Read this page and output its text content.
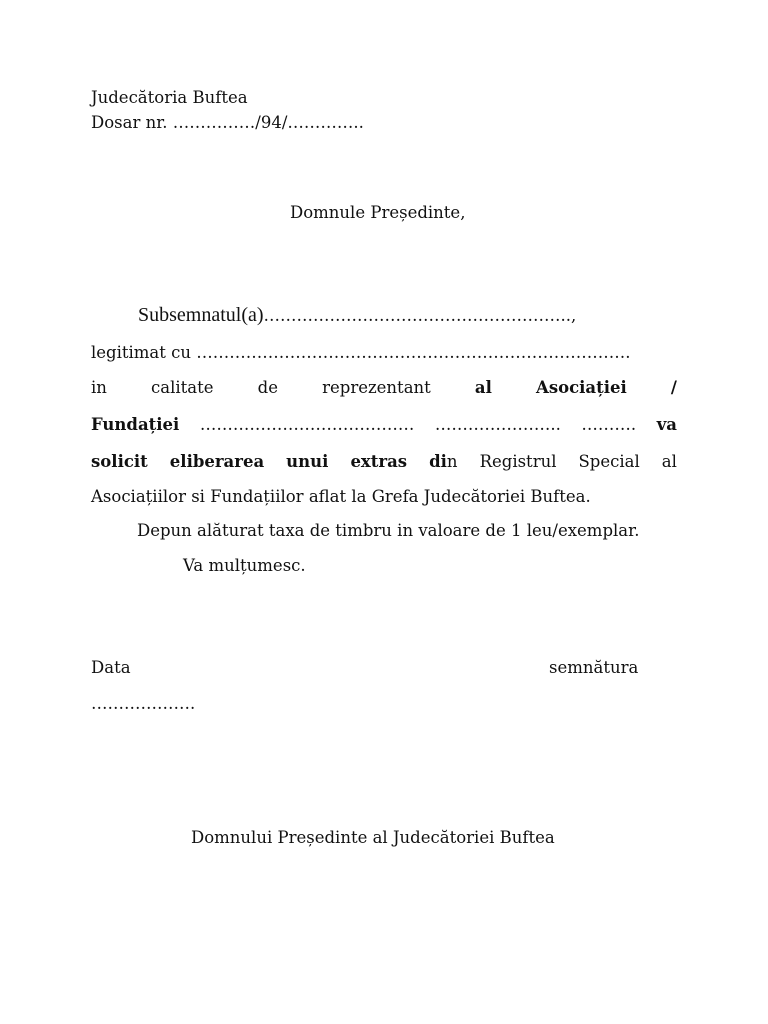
Judecătoria Buftea
Dosar nr. ……………/94/…………..
Domnule Președinte,
Subsemnatul(a)………………………………………………..,
legitimat cu …………………………………………………………………….
in	calitate	de	reprezentant	al	Asociației	/
Fundației ………………………………… ………………….. ………. va
solicit eliberarea unui extras din Registrul Special al
Asociațiilor si Fundațiilor aflat la Grefa Judecătoriei Buftea.
Depun alăturat taxa de timbru in valoare de 1 leu/exemplar.
Va mulțumesc.
Data	semnătura
……………….
Domnului Președinte al Judecătoriei Buftea
